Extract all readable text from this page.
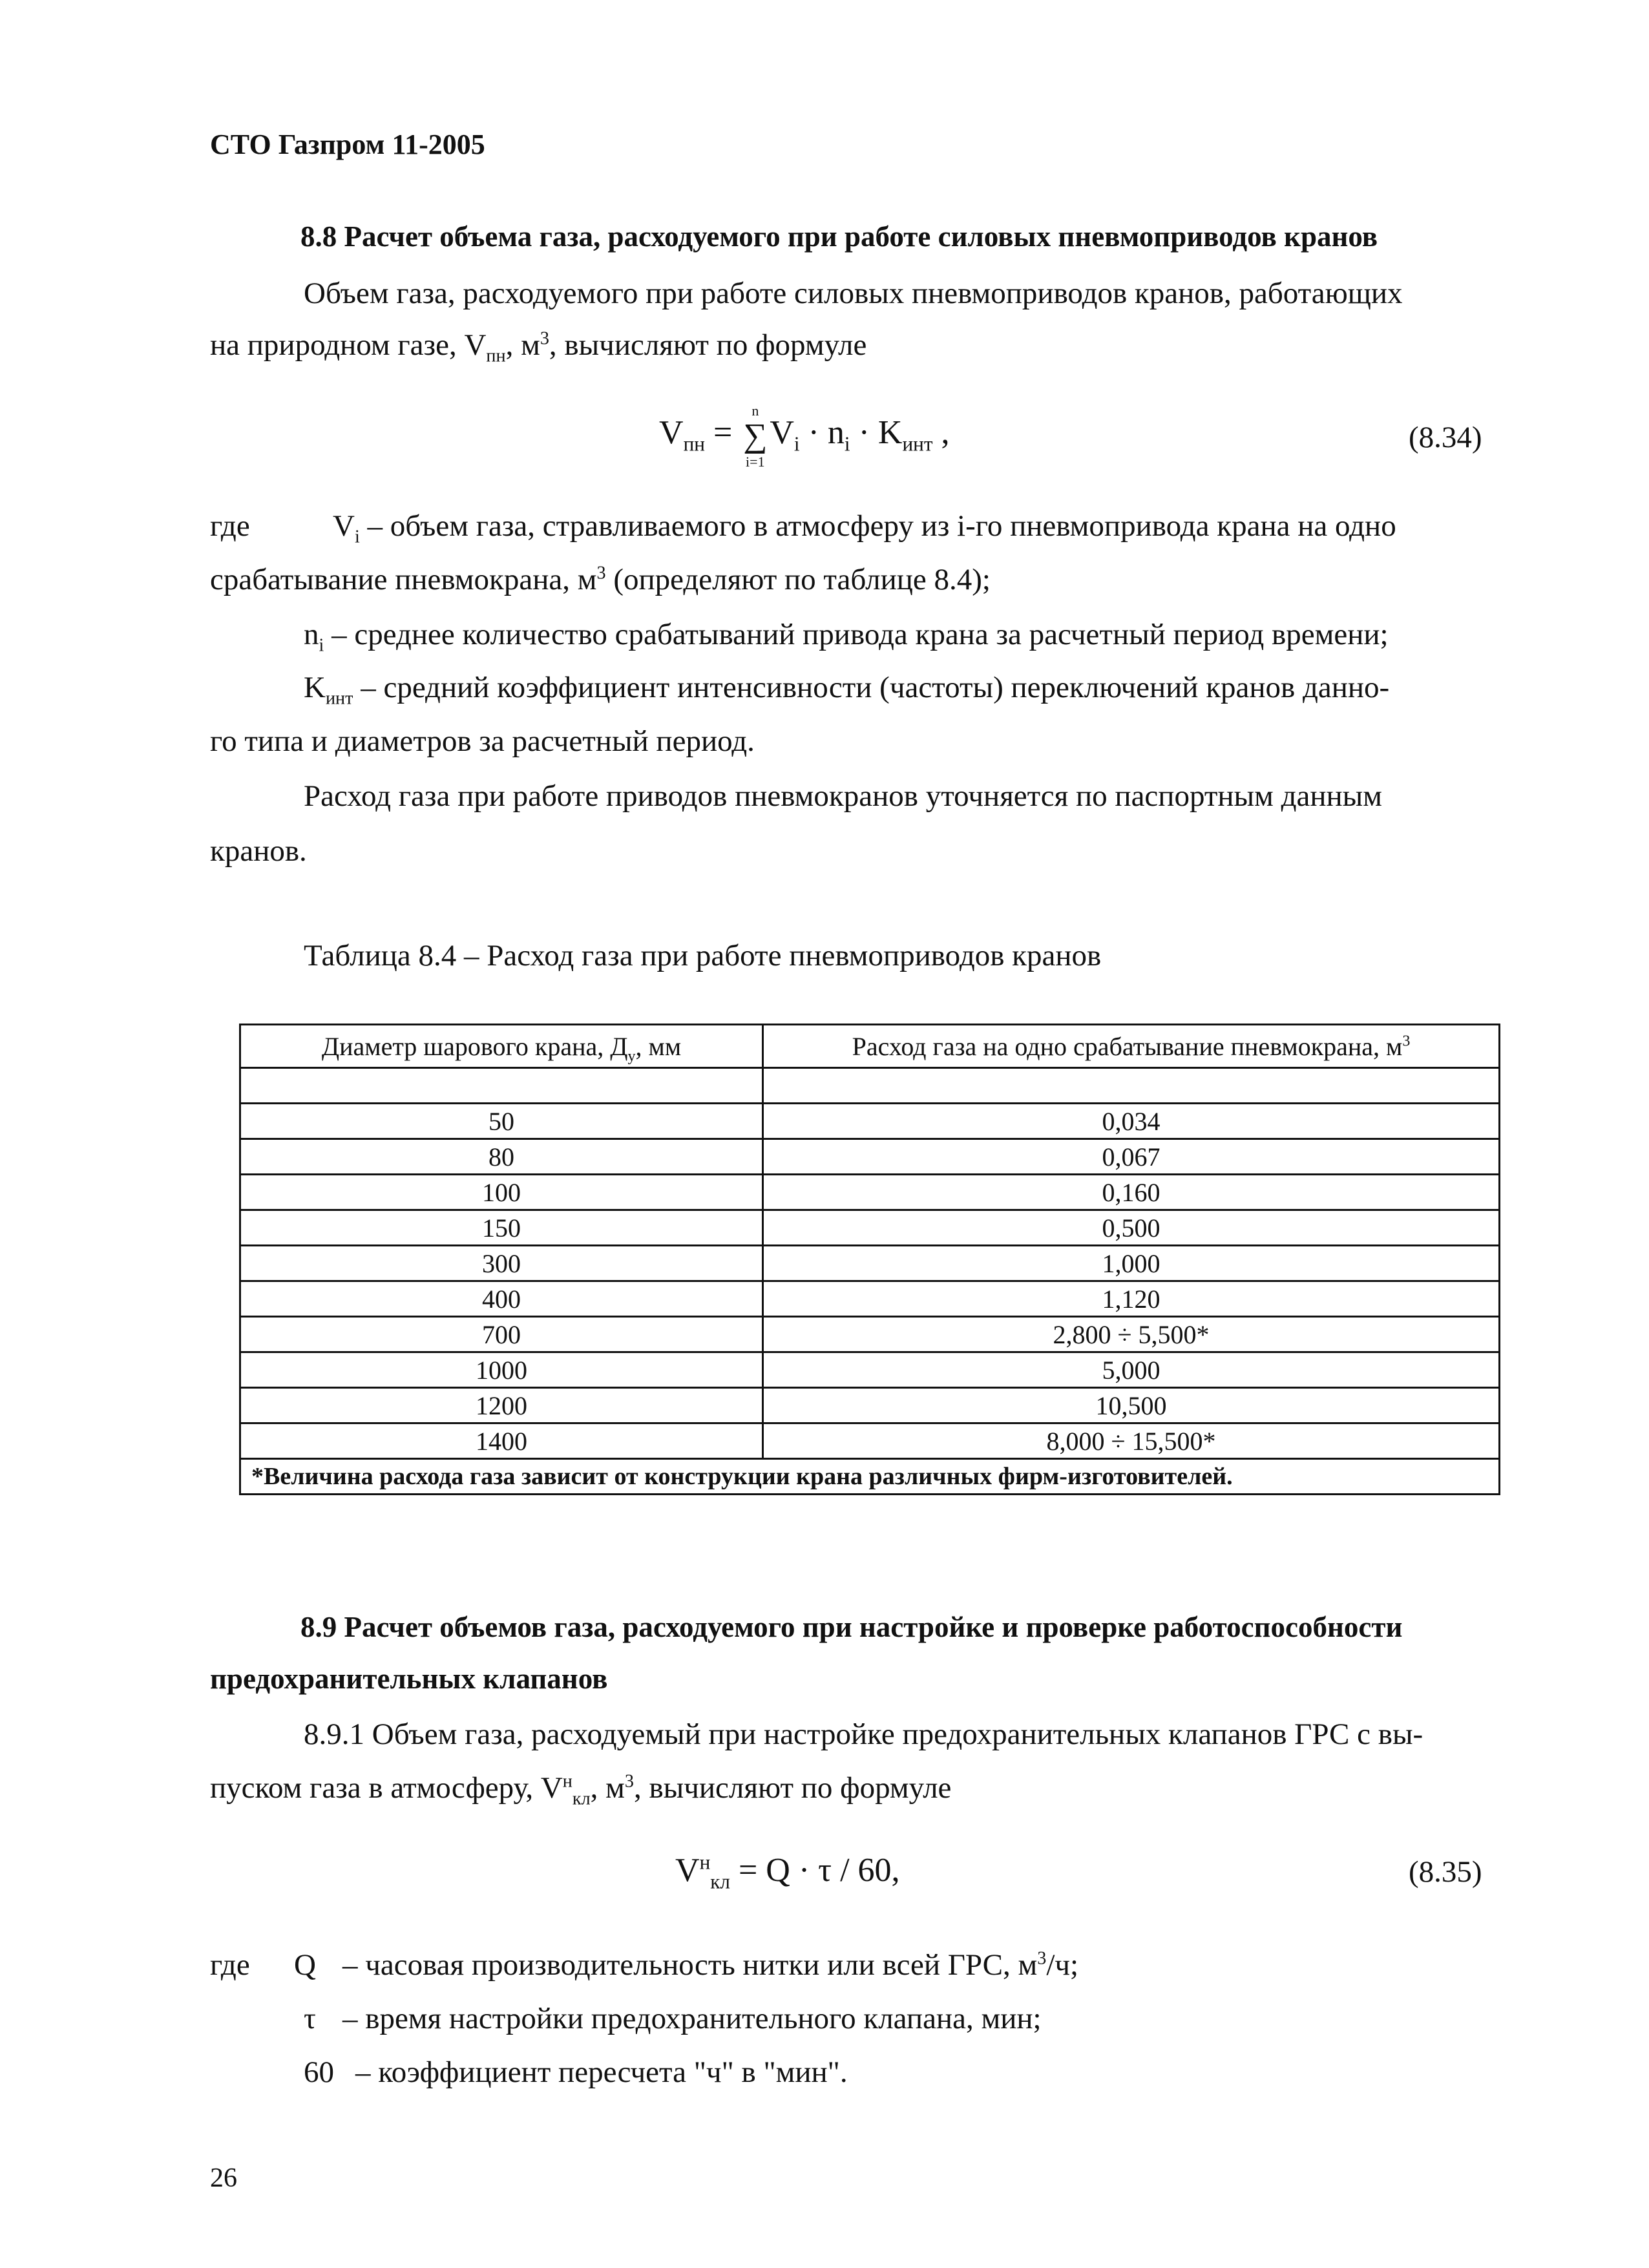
СТО Газпром 11-2005
8.8 Расчет объема газа, расходуемого при работе силовых пневмоприводов кранов
Объем газа, расходуемого при работе силовых пневмоприводов кранов, работающих
на природном газе, $V_{пн}$, $м^3$, вычисляют по формуле
$V_{пн}$ =
n
∑
i=1
$V_i \cdot n_i \cdot K_{инт}$ ,	(8.34)
где	$V_i$ – объем газа, стравливаемого в атмосферу из i-го пневмопривода крана на одно
срабатывание пневмокрана, $м^3$ (определяют по таблице 8.4);
$n_i$ – среднее количество срабатываний привода крана за расчетный период времени;
$K_{инт}$ – средний коэффициент интенсивности (частоты) переключений кранов данно-
го типа и диаметров за расчетный период.
Расход газа при работе приводов пневмокранов уточняется по паспортным данным
кранов.
Таблица 8.4 – Расход газа при работе пневмоприводов кранов
Диаметр шарового крана, $Д_у$, мм	Расход газа на одно срабатывание пневмокрана, $м^3$

50	0,034
80	0,067
100	0,160
150	0,500
300	1,000
400	1,120
700	2,800 ÷ 5,500*
1000	5,000
1200	10,500
1400	8,000 ÷ 15,500*
*Величина расхода газа зависит от конструкции крана различных фирм-изготовителей.	
8.9 Расчет объемов газа, расходуемого при настройке и проверке работоспособности
предохранительных клапанов
8.9.1 Объем газа, расходуемый при настройке предохранительных клапанов ГРС с вы-
пуском газа в атмосферу, $V^н_{кл}$, $м^3$, вычисляют по формуле
$V^н_{кл} = Q \cdot \tau / 60$,	(8.35)
где Q – часовая производительность нитки или всей ГРС, $м^3/ч$;
τ – время настройки предохранительного клапана, мин;
60 – коэффициент пересчета "ч" в "мин".
26
